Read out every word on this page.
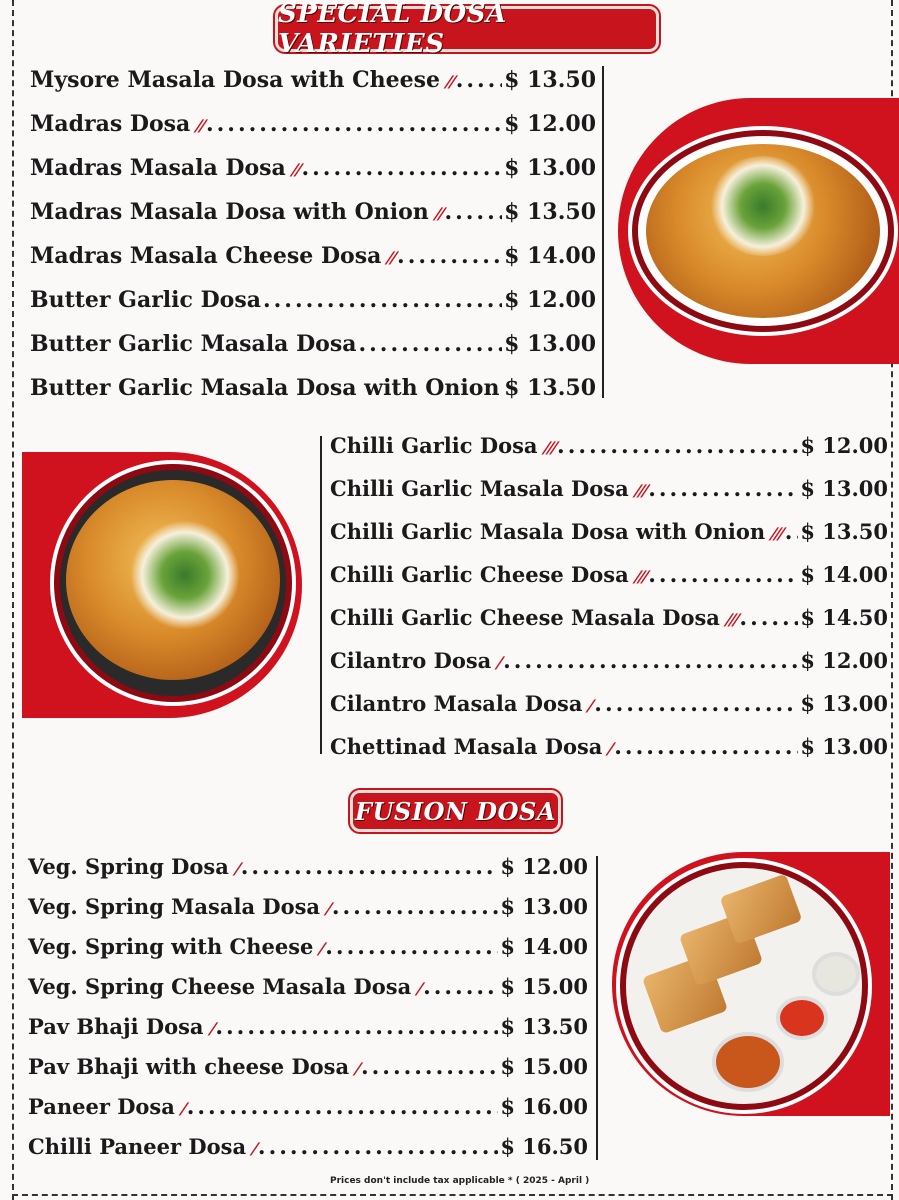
SPECIAL DOSA VARIETIES
Mysore Masala Dosa with Cheese // ..... $ 13.50
Madras Dosa // .....	$ 12.00
Madras Masala Dosa // .....	$ 13.00
Madras Masala Dosa with Onion // .....	$ 13.50
Madras Masala Cheese Dosa // .....	$ 14.00
Butter Garlic Dosa .....	$ 12.00
Butter Garlic Masala Dosa .....	$ 13.00
Butter Garlic Masala Dosa with Onion ..... $ 13.50
Chilli Garlic Dosa /// .....	$ 12.00
Chilli Garlic Masala Dosa /// .....	$ 13.00
Chilli Garlic Masala Dosa with Onion /// ..... $ 13.50
Chilli Garlic Cheese Dosa /// .....	$ 14.00
Chilli Garlic Cheese Masala Dosa /// .....	$ 14.50
Cilantro Dosa / .....	$ 12.00
Cilantro Masala Dosa / .....	$ 13.00
Chettinad Masala Dosa / .....	$ 13.00
FUSION DOSA
Veg. Spring Dosa / .....	$ 12.00
Veg. Spring Masala Dosa / .....	$ 13.00
Veg. Spring with Cheese / .....	$ 14.00
Veg. Spring Cheese Masala Dosa / .....	$ 15.00
Pav Bhaji Dosa / .....	$ 13.50
Pav Bhaji with cheese Dosa / .....	$ 15.00
Paneer Dosa / .....	$ 16.00
Chilli Paneer Dosa / .....	$ 16.50
Prices don't include tax applicable * ( 2025 - April )
